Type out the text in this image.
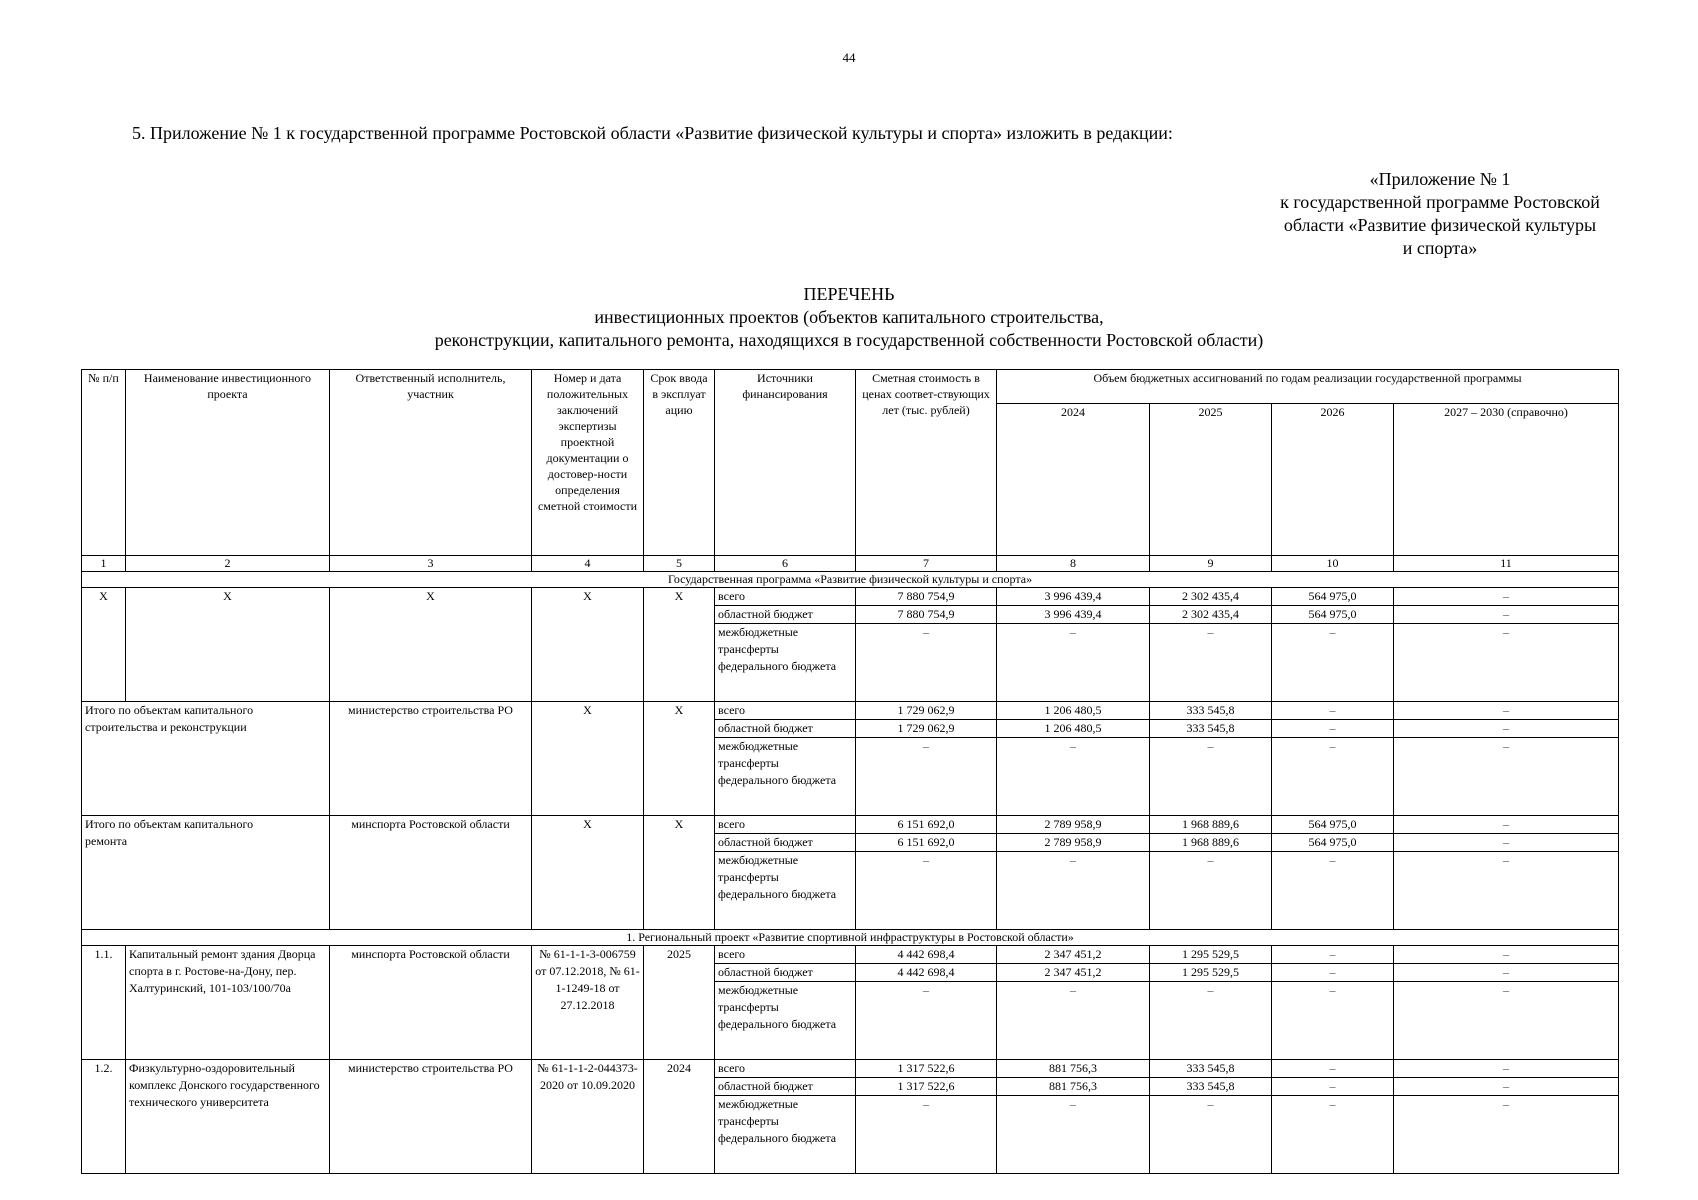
44
5. Приложение № 1 к государственной программе Ростовской области «Развитие физической культуры и спорта» изложить в редакции:
«Приложение № 1
к государственной программе Ростовской
области «Развитие физической культуры
и спорта»
ПЕРЕЧЕНЬ
инвестиционных проектов (объектов капитального строительства,
реконструкции, капитального ремонта, находящихся в государственной собственности Ростовской области)
№ п/п	Наименование инвестиционного проекта	Ответственный исполнитель, участник	Номер и дата положительных заключений экспертизы проектной документации о достовер-ности определения сметной стоимости	Срок ввода в эксплуат ацию	Источники финансирования	Сметная стоимость в ценах соответ-ствующих лет (тыс. рублей)	Объем бюджетных ассигнований по годам реализации государственной программы			
							2024	2025	2026	2027 – 2030 (справочно)
1	2	3	4	5	6	7	8	9	10	11
Государственная программа «Развитие физической культуры и спорта»										
X	X	X	X	X	всего	7 880 754,9	3 996 439,4	2 302 435,4	564 975,0	–
					областной бюджет	7 880 754,9	3 996 439,4	2 302 435,4	564 975,0	–
					межбюджетные трансферты федерального бюджета	–	–	–	–	–
Итого по объектам капитального строительства и реконструкции		министерство строительства РО	X	X	всего	1 729 062,9	1 206 480,5	333 545,8	–	–
					областной бюджет	1 729 062,9	1 206 480,5	333 545,8	–	–
					межбюджетные трансферты федерального бюджета	–	–	–	–	–
Итого по объектам капитального ремонта		минспорта Ростовской области	X	X	всего	6 151 692,0	2 789 958,9	1 968 889,6	564 975,0	–
					областной бюджет	6 151 692,0	2 789 958,9	1 968 889,6	564 975,0	–
					межбюджетные трансферты федерального бюджета	–	–	–	–	–
1. Региональный проект «Развитие спортивной инфраструктуры в Ростовской области»										
1.1.	Капитальный ремонт здания Дворца спорта в г. Ростове-на-Дону, пер. Халтуринский, 101-103/100/70а	минспорта Ростовской области	№ 61-1-1-3-006759 от 07.12.2018, № 61-1-1249-18 от 27.12.2018	2025	всего	4 442 698,4	2 347 451,2	1 295 529,5	–	–
					областной бюджет	4 442 698,4	2 347 451,2	1 295 529,5	–	–
					межбюджетные трансферты федерального бюджета	–	–	–	–	–
1.2.	Физкультурно-оздоровительный комплекс Донского государственного технического университета	министерство строительства РО	№ 61-1-1-2-044373-2020 от 10.09.2020	2024	всего	1 317 522,6	881 756,3	333 545,8	–	–
					областной бюджет	1 317 522,6	881 756,3	333 545,8	–	–
					межбюджетные трансферты федерального бюджета	–	–	–	–	–
